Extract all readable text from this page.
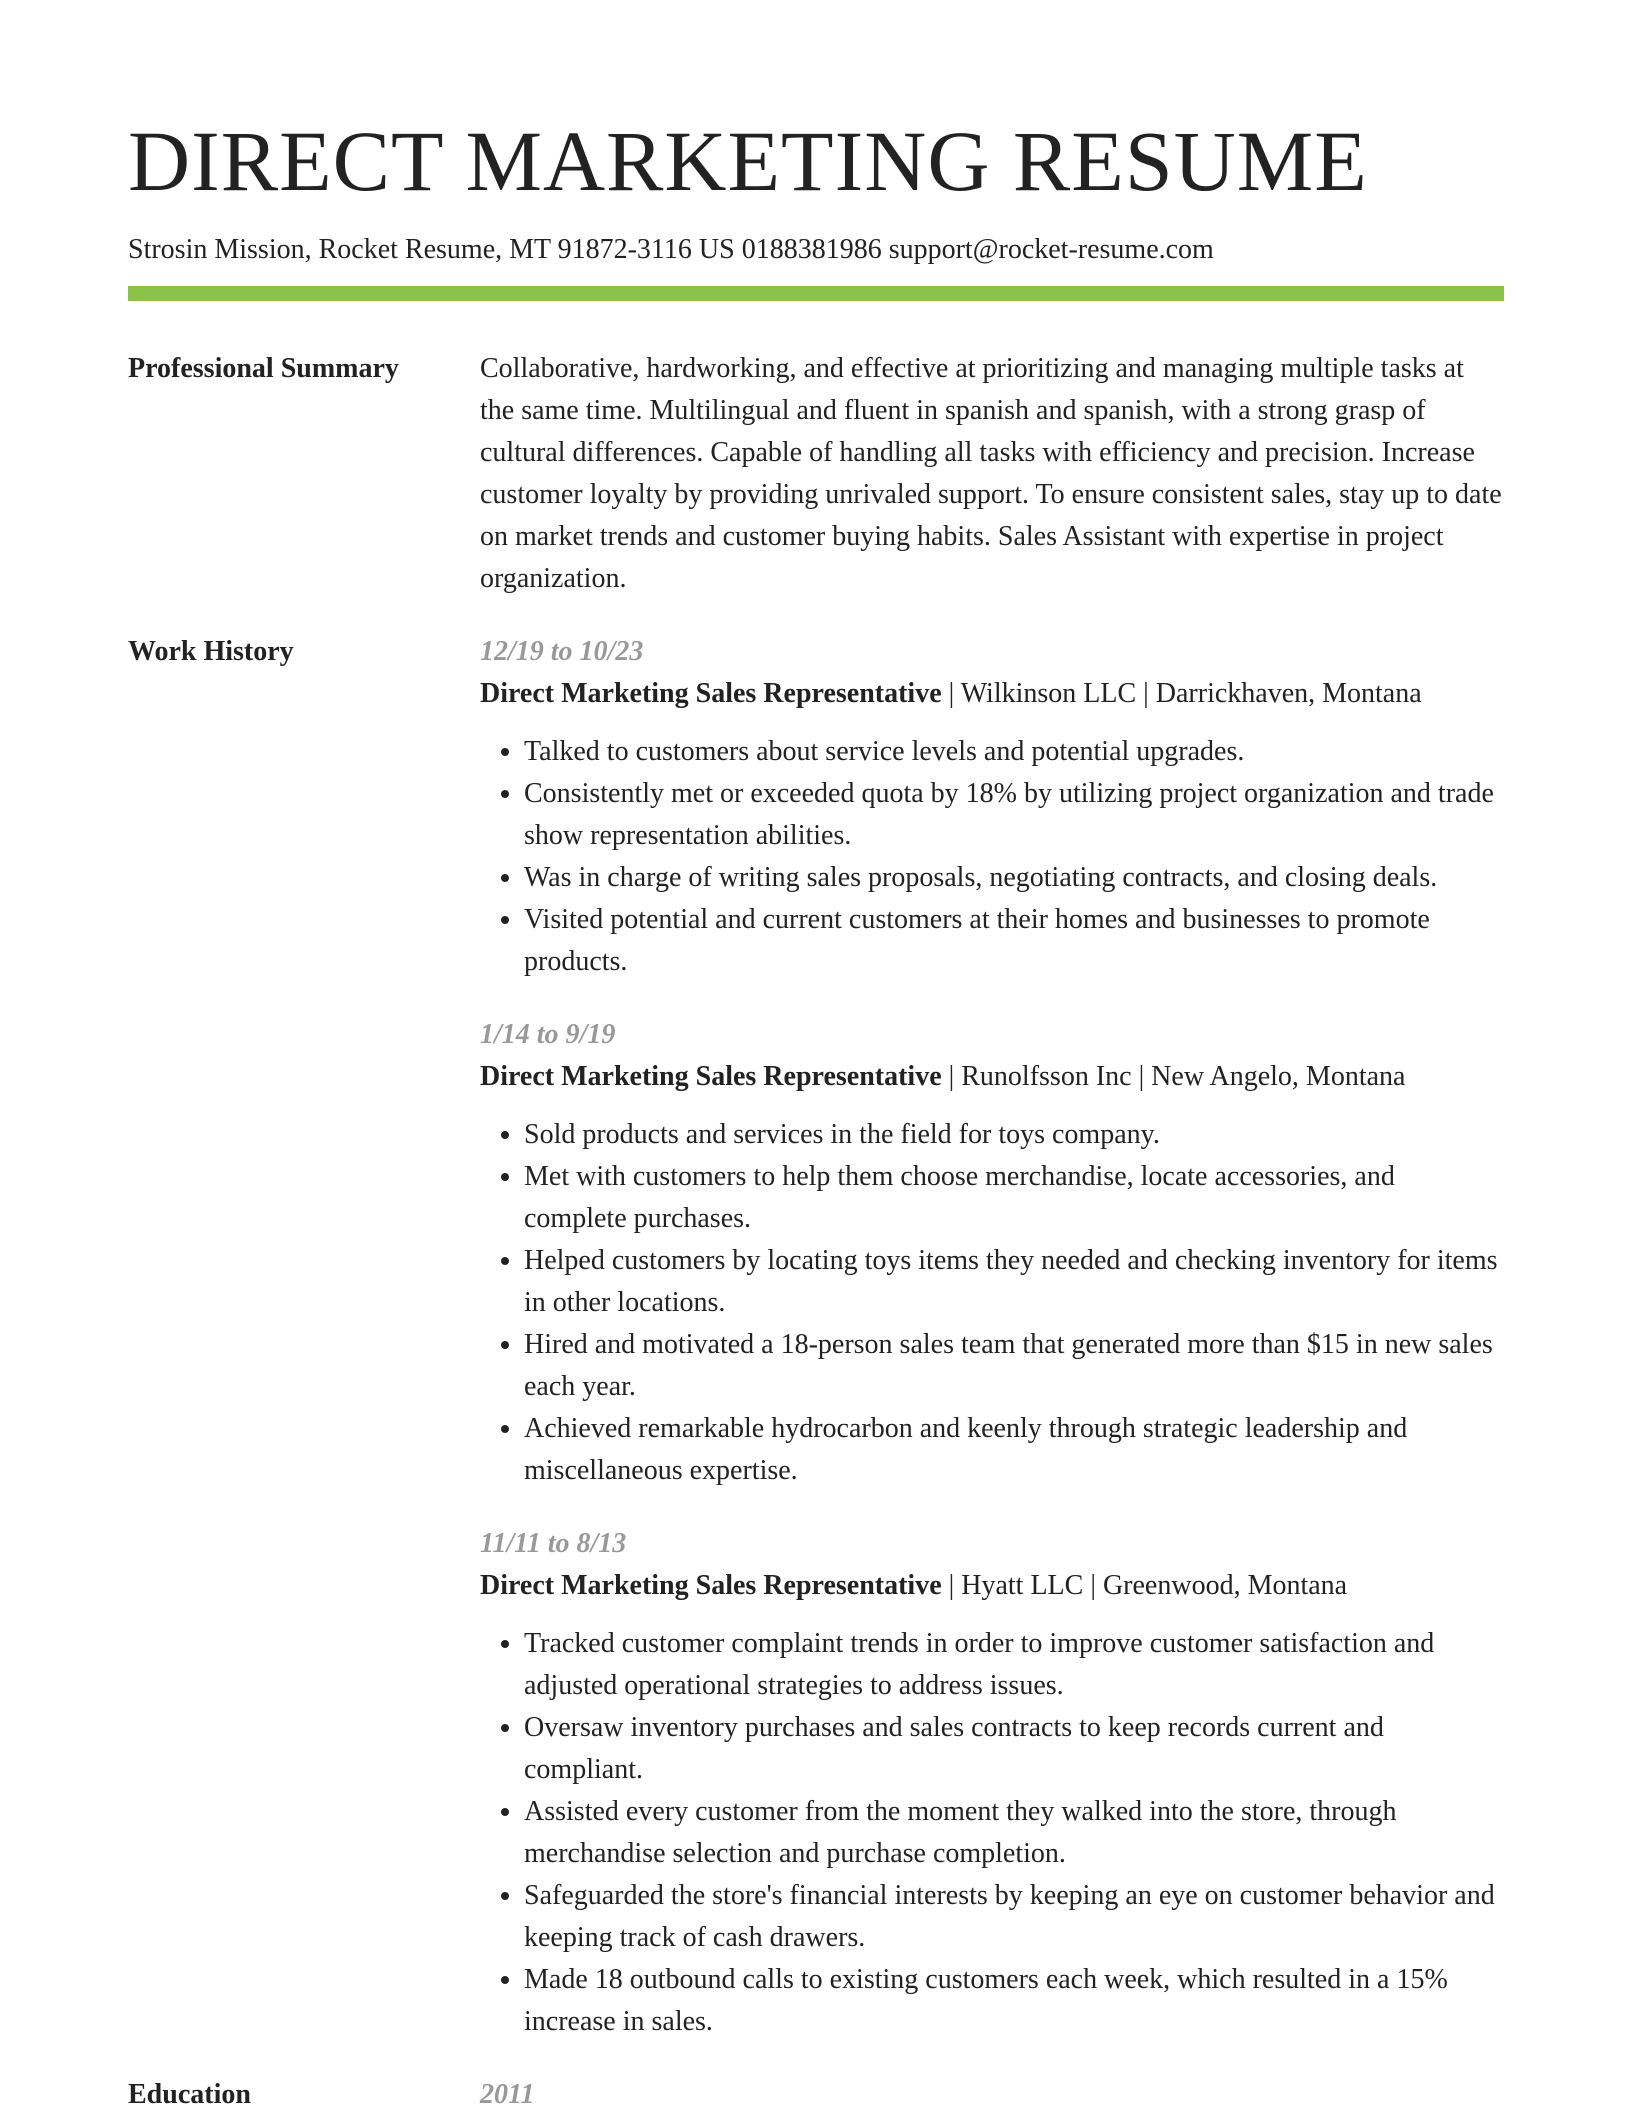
DIRECT MARKETING RESUME
Strosin Mission, Rocket Resume, MT 91872-3116 US 0188381986 support@rocket-resume.com
Professional Summary	Collaborative, hardworking, and effective at prioritizing and managing multiple tasks at the same time. Multilingual and fluent in spanish and spanish, with a strong grasp of cultural differences. Capable of handling all tasks with efficiency and precision. Increase customer loyalty by providing unrivaled support. To ensure consistent sales, stay up to date on market trends and customer buying habits. Sales Assistant with expertise in project organization.

Work History	12/19 to 10/23
Direct Marketing Sales Representative | Wilkinson LLC | Darrickhaven, Montana
• Talked to customers about service levels and potential upgrades.
• Consistently met or exceeded quota by 18% by utilizing project organization and trade show representation abilities.
• Was in charge of writing sales proposals, negotiating contracts, and closing deals.
• Visited potential and current customers at their homes and businesses to promote products.
1/14 to 9/19
Direct Marketing Sales Representative | Runolfsson Inc | New Angelo, Montana
• Sold products and services in the field for toys company.
• Met with customers to help them choose merchandise, locate accessories, and complete purchases.
• Helped customers by locating toys items they needed and checking inventory for items in other locations.
• Hired and motivated a 18-person sales team that generated more than $15 in new sales each year.
• Achieved remarkable hydrocarbon and keenly through strategic leadership and miscellaneous expertise.
11/11 to 8/13
Direct Marketing Sales Representative | Hyatt LLC | Greenwood, Montana
• Tracked customer complaint trends in order to improve customer satisfaction and adjusted operational strategies to address issues.
• Oversaw inventory purchases and sales contracts to keep records current and compliant.
• Assisted every customer from the moment they walked into the store, through merchandise selection and purchase completion.
• Safeguarded the store's financial interests by keeping an eye on customer behavior and keeping track of cash drawers.
• Made 18 outbound calls to existing customers each week, which resulted in a 15% increase in sales.
Education	2011
